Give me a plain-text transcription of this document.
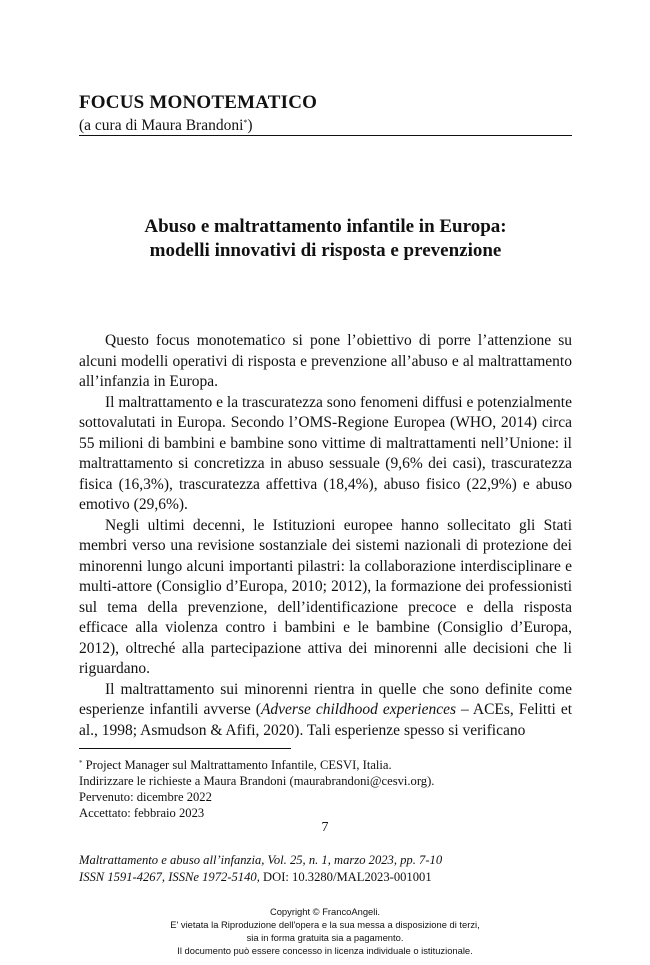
FOCUS MONOTEMATICO
(a cura di Maura Brandoni*)
Abuso e maltrattamento infantile in Europa:
modelli innovativi di risposta e prevenzione

Questo focus monotematico si pone l’obiettivo di porre l’attenzione su alcuni modelli operativi di risposta e prevenzione all’abuso e al maltrattamento all’infanzia in Europa.

Il maltrattamento e la trascuratezza sono fenomeni diffusi e potenzialmente sottovalutati in Europa. Secondo l’OMS-Regione Europea (WHO, 2014) circa 55 milioni di bambini e bambine sono vittime di maltrattamenti nell’Unione: il maltrattamento si concretizza in abuso sessuale (9,6% dei casi), trascuratezza fisica (16,3%), trascuratezza affettiva (18,4%), abuso fisico (22,9%) e abuso emotivo (29,6%).

Negli ultimi decenni, le Istituzioni europee hanno sollecitato gli Stati membri verso una revisione sostanziale dei sistemi nazionali di protezione dei minorenni lungo alcuni importanti pilastri: la collaborazione interdisciplinare e multi-attore (Consiglio d’Europa, 2010; 2012), la formazione dei professionisti sul tema della prevenzione, dell’identificazione precoce e della risposta efficace alla violenza contro i bambini e le bambine (Consiglio d’Europa, 2012), oltreché alla partecipazione attiva dei minorenni alle decisioni che li riguardano.

Il maltrattamento sui minorenni rientra in quelle che sono definite come esperienze infantili avverse (Adverse childhood experiences – ACEs, Felitti et al., 1998; Asmudson & Afifi, 2020). Tali esperienze spesso si verificano

* Project Manager sul Maltrattamento Infantile, CESVI, Italia.
Indirizzare le richieste a Maura Brandoni (maurabrandoni@cesvi.org).
Pervenuto: dicembre 2022
Accettato: febbraio 2023
7
Maltrattamento e abuso all’infanzia, Vol. 25, n. 1, marzo 2023, pp. 7-10
ISSN 1591-4267, ISSNe 1972-5140, DOI: 10.3280/MAL2023-001001
Copyright © FrancoAngeli.
E' vietata la Riproduzione dell'opera e la sua messa a disposizione di terzi,
sia in forma gratuita sia a pagamento.
Il documento può essere concesso in licenza individuale o istituzionale.
